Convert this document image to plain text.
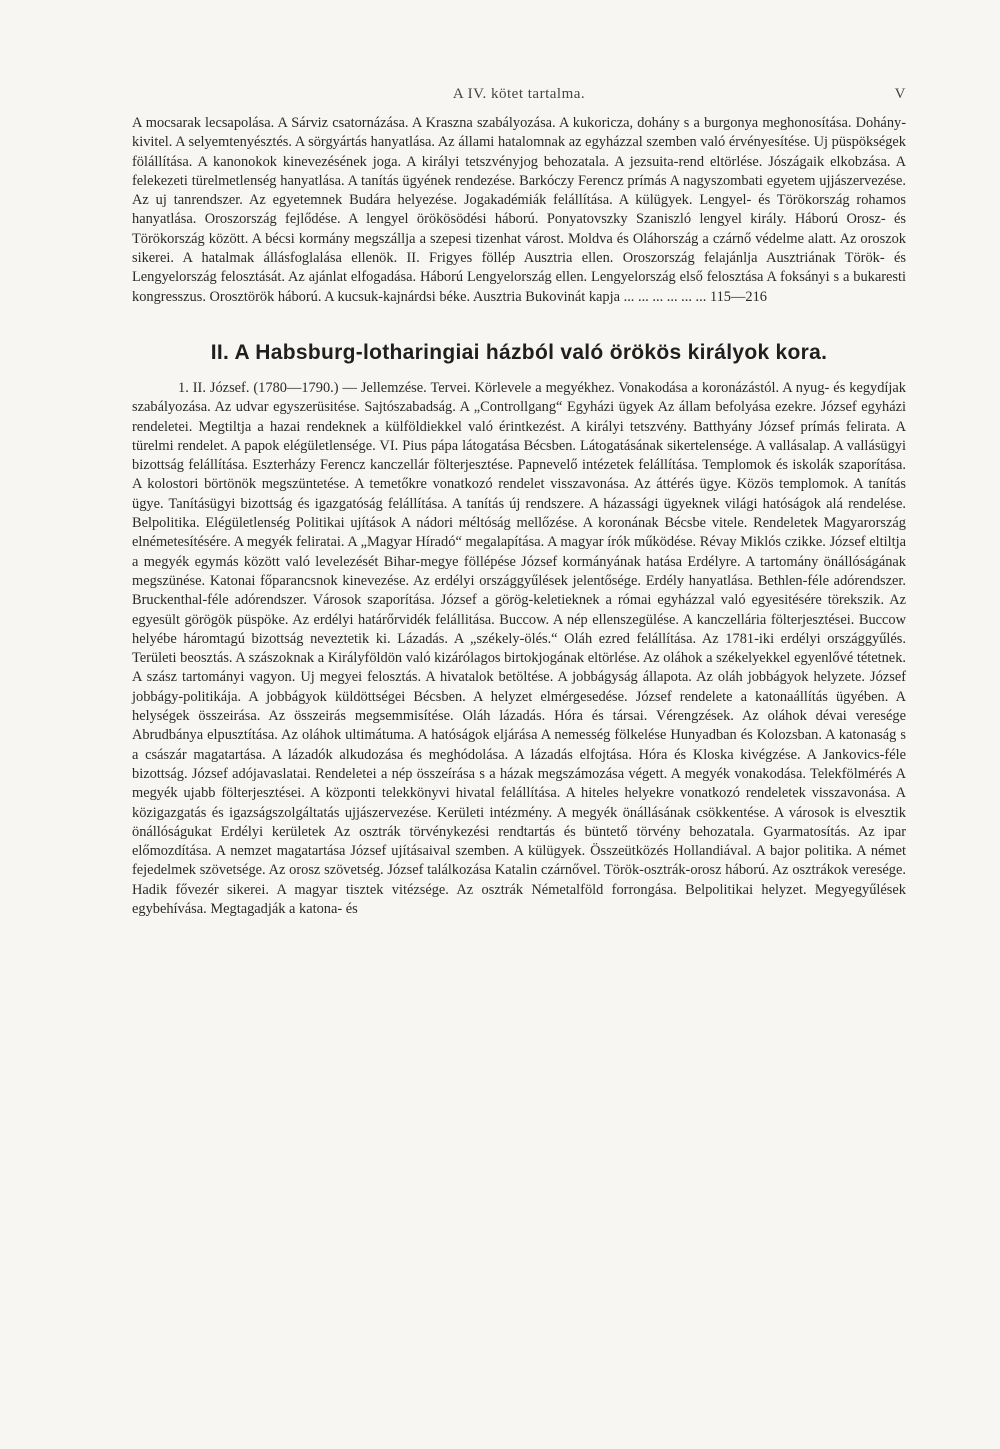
A IV. kötet tartalma.	V

A mocsarak lecsapolása. A Sárviz csatornázása. A Kraszna szabályozása. A kukoricza, dohány s a burgonya meghonosítása. Dohány-kivitel. A selyemtenyésztés. A sörgyártás hanyatlása. Az állami hatalomnak az egyházzal szemben való érvényesítése. Uj püspökségek fölállítása. A kanonokok kinevezésének joga. A királyi tetszvényjog behozatala. A jezsuita-rend eltörlése. Jószágaik elkobzása. A felekezeti türelmetlenség hanyatlása. A tanítás ügyének rendezése. Barkóczy Ferencz prímás A nagyszombati egyetem ujjászervezése. Az uj tanrendszer. Az egyetemnek Budára helyezése. Jogakadémiák felállítása. A külügyek. Lengyel- és Törökország rohamos hanyatlása. Oroszország fejlődése. A lengyel örökösödési háború. Ponyatovszky Szaniszló lengyel király. Háború Orosz- és Törökország között. A bécsi kormány megszállja a szepesi tizenhat várost. Moldva és Oláhország a czárnő védelme alatt. Az oroszok sikerei. A hatalmak állásfoglalása ellenök. II. Frigyes föllép Ausztria ellen. Oroszország felajánlja Ausztriának Török- és Lengyelország felosztását. Az ajánlat elfogadása. Háború Lengyelország ellen. Lengyelország első felosztása A foksányi s a bukaresti kongresszus. Orosztörök háború. A kucsuk-kajnárdsi béke. Ausztria Bukovinát kapja ... ... ... ... ... ... 115—216

II. A Habsburg-lotharingiai házból való örökös királyok kora.

1. II. József. (1780—1790.) — Jellemzése. Tervei. Körlevele a megyékhez. Vonakodása a koronázástól. A nyug- és kegydíjak szabályozása. Az udvar egyszerüsitése. Sajtószabadság. A „Controllgang“ Egyházi ügyek Az állam befolyása ezekre. József egyházi rendeletei. Megtiltja a hazai rendeknek a külföldiekkel való érintkezést. A királyi tetszvény. Batthyány József prímás felirata. A türelmi rendelet. A papok elégületlensége. VI. Pius pápa látogatása Bécsben. Látogatásának sikertelensége. A vallásalap. A vallásügyi bizottság felállítása. Eszterházy Ferencz kanczellár fölterjesztése. Papnevelő intézetek felállítása. Templomok és iskolák szaporítása. A kolostori börtönök megszüntetése. A temetőkre vonatkozó rendelet visszavonása. Az áttérés ügye. Közös templomok. A tanítás ügye. Tanításügyi bizottság és igazgatóság felállítása. A tanítás új rendszere. A házassági ügyeknek világi hatóságok alá rendelése. Belpolitika. Elégületlenség Politikai ujítások A nádori méltóság mellőzése. A koronának Bécsbe vitele. Rendeletek Magyarország elnémetesítésére. A megyék feliratai. A „Magyar Híradó“ megalapítása. A magyar írók működése. Révay Miklós czikke. József eltiltja a megyék egymás között való levelezését Bihar-megye föllépése József kormányának hatása Erdélyre. A tartomány önállóságának megszünése. Katonai főparancsnok kinevezése. Az erdélyi országgyűlések jelentősége. Erdély hanyatlása. Bethlen-féle adórendszer. Bruckenthal-féle adórendszer. Városok szaporítása. József a görög-keletieknek a római egyházzal való egyesitésére törekszik. Az egyesült görögök püspöke. Az erdélyi határőrvidék felállitása. Buccow. A nép ellenszegülése. A kanczellária fölterjesztései. Buccow helyébe háromtagú bizottság neveztetik ki. Lázadás. A „székely-ölés.“ Oláh ezred felállítása. Az 1781-iki erdélyi országgyűlés. Területi beosztás. A szászoknak a Királyföldön való kizárólagos birtokjogának eltörlése. Az oláhok a székelyekkel egyenlővé tétetnek. A szász tartományi vagyon. Uj megyei felosztás. A hivatalok betöltése. A jobbágyság állapota. Az oláh jobbágyok helyzete. József jobbágy-politikája. A jobbágyok küldöttségei Bécsben. A helyzet elmérgesedése. József rendelete a katonaállítás ügyében. A helységek összeirása. Az összeirás megsemmisítése. Oláh lázadás. Hóra és társai. Vérengzések. Az oláhok dévai veresége Abrudbánya elpusztítása. Az oláhok ultimátuma. A hatóságok eljárása A nemesség fölkelése Hunyadban és Kolozsban. A katonaság s a császár magatartása. A lázadók alkudozása és meghódolása. A lázadás elfojtása. Hóra és Kloska kivégzése. A Jankovics-féle bizottság. József adójavaslatai. Rendeletei a nép összeírása s a házak megszámozása végett. A megyék vonakodása. Telekfölmérés A megyék ujabb fölterjesztései. A központi telekkönyvi hivatal felállítása. A hiteles helyekre vonatkozó rendeletek visszavonása. A közigazgatás és igazságszolgáltatás ujjászervezése. Kerületi intézmény. A megyék önállásának csökkentése. A városok is elvesztik önállóságukat Erdélyi kerületek Az osztrák törvénykezési rendtartás és büntető törvény behozatala. Gyarmatosítás. Az ipar előmozdítása. A nemzet magatartása József ujításaival szemben. A külügyek. Összeütközés Hollandiával. A bajor politika. A német fejedelmek szövetsége. Az orosz szövetség. József találkozása Katalin czárnővel. Török-osztrák-orosz háború. Az osztrákok veresége. Hadik fővezér sikerei. A magyar tisztek vitézsége. Az osztrák Németalföld forrongása. Belpolitikai helyzet. Megyegyűlések egybehívása. Megtagadják a katona- és
